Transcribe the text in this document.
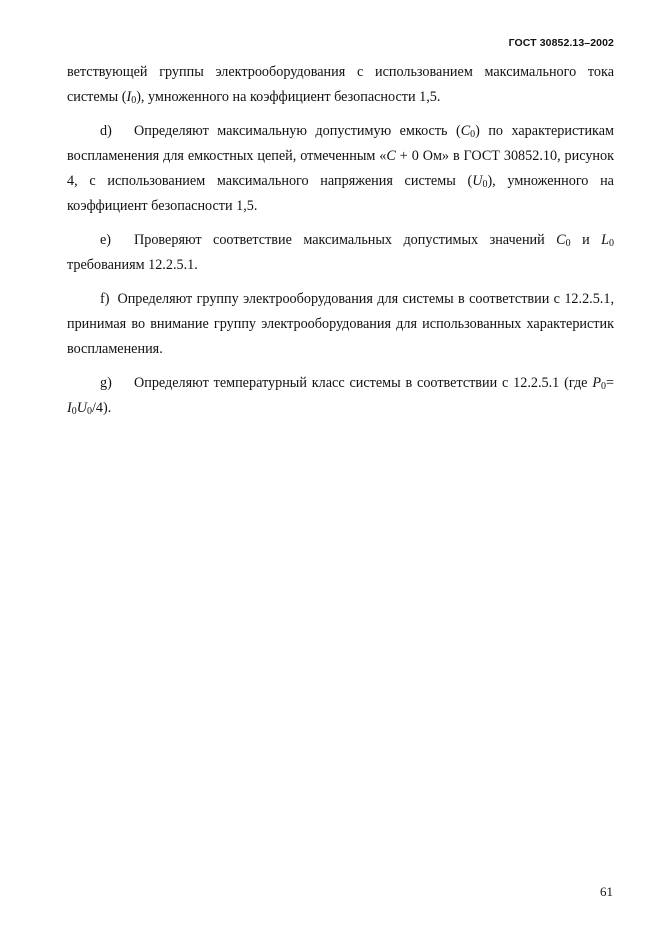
ГОСТ 30852.13–2002

ветствующей группы электрооборудования с использованием максимального тока системы $(I_0)$, умноженного на коэффициент безопасности 1,5.

d) Определяют максимальную допустимую емкость $(C_0)$ по характеристикам воспламенения для емкостных цепей, отмеченным «C + 0 Ом» в ГОСТ 30852.10, рисунок 4, с использованием максимального напряжения системы $(U_0)$, умноженного на коэффициент безопасности 1,5.

e) Проверяют соответствие максимальных допустимых значений $C_0$ и $L_0$ требованиям 12.2.5.1.

f) Определяют группу электрооборудования для системы в соответствии с 12.2.5.1, принимая во внимание группу электрооборудования для использованных характеристик воспламенения.

g) Определяют температурный класс системы в соответствии с 12.2.5.1 (где $P_0= I_0U_0/4$).

61
